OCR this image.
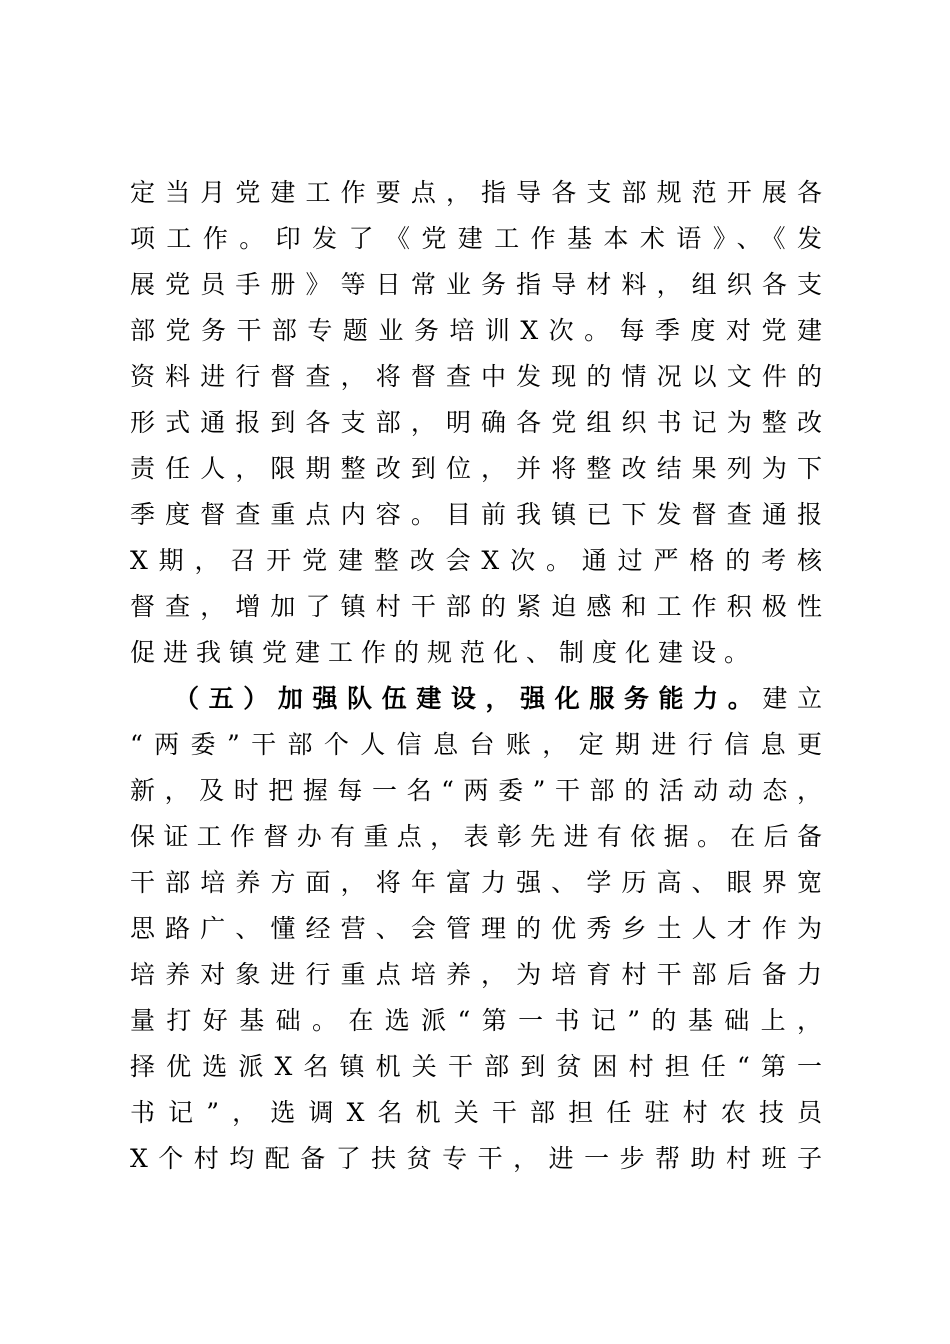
定当月党建工作要点，指导各支部规范开展各
项工作。印发了《党建工作基本术语》、《发
展党员手册》等日常业务指导材料，组织各支
部党务干部专题业务培训X次。每季度对党建
资料进行督查，将督查中发现的情况以文件的
形式通报到各支部，明确各党组织书记为整改
责任人，限期整改到位，并将整改结果列为下
季度督查重点内容。目前我镇已下发督查通报
X期，召开党建整改会X次。通过严格的考核
督查，增加了镇村干部的紧迫感和工作积极性
促进我镇党建工作的规范化、制度化建设。
（五）加强队伍建设，强化服务能力。建立
“两委”干部个人信息台账，定期进行信息更
新，及时把握每一名“两委”干部的活动动态，
保证工作督办有重点，表彰先进有依据。在后备
干部培养方面，将年富力强、学历高、眼界宽
思路广、懂经营、会管理的优秀乡土人才作为
培养对象进行重点培养，为培育村干部后备力
量打好基础。在选派“第一书记”的基础上，
择优选派X名镇机关干部到贫困村担任“第一
书记”，选调X名机关干部担任驻村农技员
X个村均配备了扶贫专干，进一步帮助村班子
